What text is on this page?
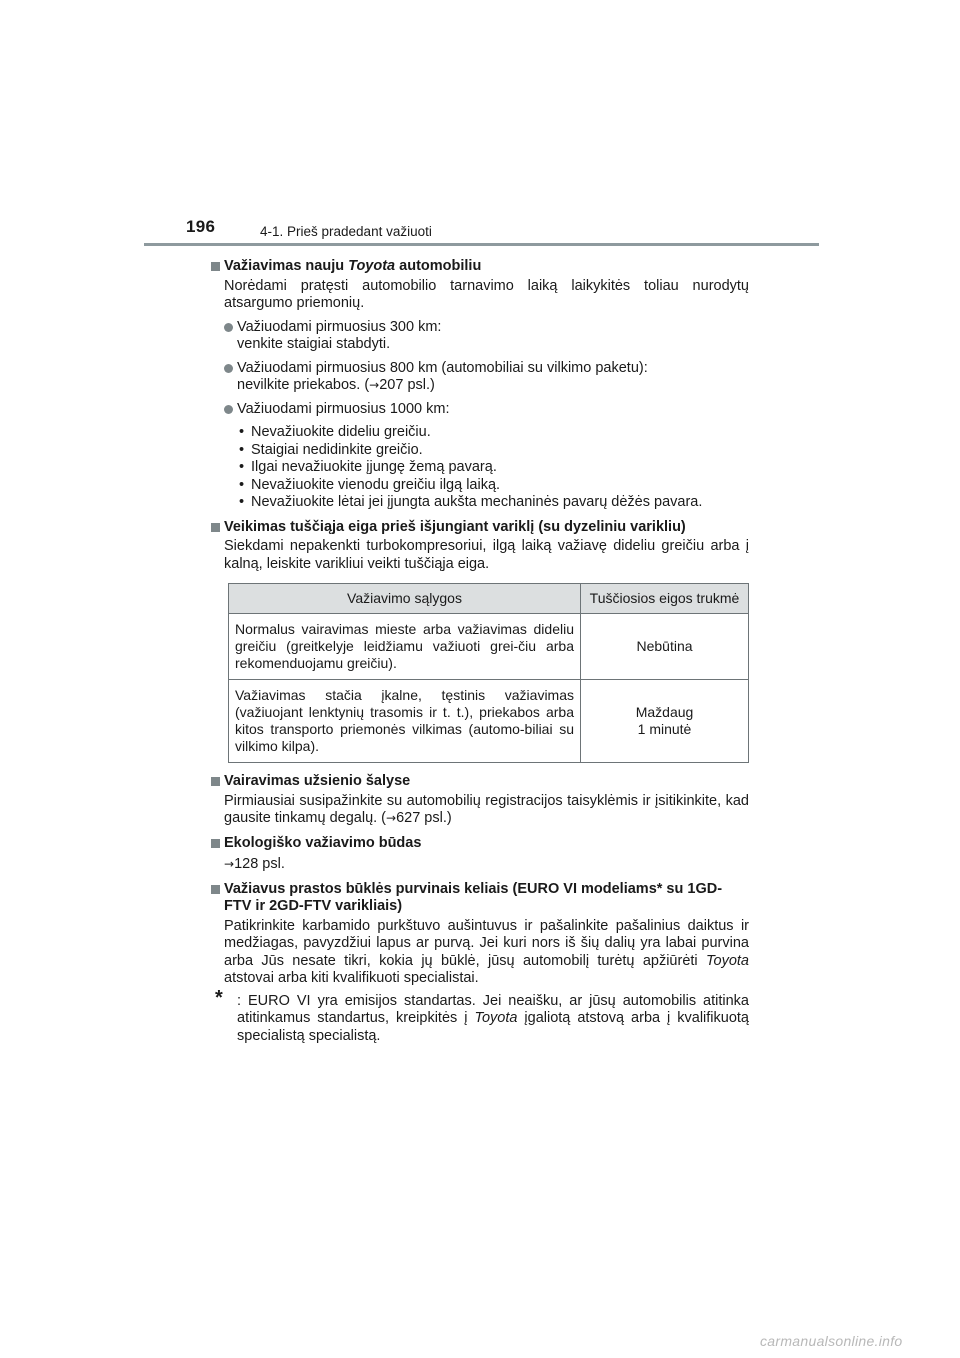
196	4-1. Prieš pradedant važiuoti
Važiavimas nauju Toyota automobiliu
Norėdami pratęsti automobilio tarnavimo laiką laikykitės toliau nurodytų atsargumo priemonių.
Važiuodami pirmuosius 300 km:
venkite staigiai stabdyti.
Važiuodami pirmuosius 800 km (automobiliai su vilkimo paketu):
nevilkite priekabos. (→207 psl.)
Važiuodami pirmuosius 1000 km:
• Nevažiuokite dideliu greičiu.
• Staigiai nedidinkite greičio.
• Ilgai nevažiuokite įjungę žemą pavarą.
• Nevažiuokite vienodu greičiu ilgą laiką.
• Nevažiuokite lėtai jei įjungta aukšta mechaninės pavarų dėžės pavara.
Veikimas tuščiąja eiga prieš išjungiant variklį (su dyzeliniu varikliu)
Siekdami nepakenkti turbokompresoriui, ilgą laiką važiavę dideliu greičiu arba į kalną, leiskite varikliui veikti tuščiąja eiga.
Važiavimo sąlygos	Tuščiosios eigos trukmė
Normalus vairavimas mieste arba važiavimas dideliu greičiu (greitkelyje leidžiamu važiuoti grei-čiu arba rekomenduojamu greičiu).	Nebūtina
Važiavimas stačia įkalne, tęstinis važiavimas (važiuojant lenktynių trasomis ir t. t.), priekabos arba kitos transporto priemonės vilkimas (automo-biliai su vilkimo kilpa).	Maždaug
1 minutė
Vairavimas užsienio šalyse
Pirmiausiai susipažinkite su automobilių registracijos taisyklėmis ir įsitikinkite, kad gausite tinkamų degalų. (→627 psl.)
Ekologiško važiavimo būdas
→128 psl.
Važiavus prastos būklės purvinais keliais (EURO VI modeliams* su 1GD-FTV ir 2GD-FTV varikliais)
Patikrinkite karbamido purkštuvo aušintuvus ir pašalinkite pašalinius daiktus ir medžiagas, pavyzdžiui lapus ar purvą. Jei kuri nors iš šių dalių yra labai purvina arba Jūs nesate tikri, kokia jų būklė, jūsų automobilį turėtų apžiūrėti Toyota atstovai arba kiti kvalifikuoti specialistai.
* : EURO VI yra emisijos standartas. Jei neaišku, ar jūsų automobilis atitinka atitinkamus standartus, kreipkitės į Toyota įgaliotą atstovą arba į kvalifikuotą specialistą specialistą.
carmanualsonline.info
